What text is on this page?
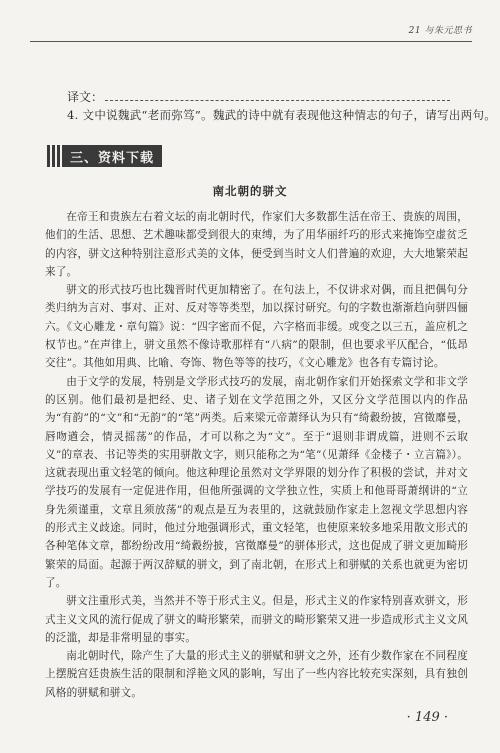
21 与朱元思书
译文：
4. 文中说魏武“老而弥笃”。魏武的诗中就有表现他这种情志的句子，请写出两句。
三、资料下载
南北朝的骈文

在帝王和贵族左右着文坛的南北朝时代，作家们大多数都生活在帝王、贵族的周围，他们的生活、思想、艺术趣味都受到很大的束缚，为了用华丽纤巧的形式来掩饰空虚贫乏的内容，骈文这种特别注意形式美的文体，便受到当时文人们普遍的欢迎，大大地繁荣起来了。

骈文的形式技巧也比魏晋时代更加精密了。在句法上，不仅讲求对偶，而且把偶句分类归纳为言对、事对、正对、反对等等类型，加以探讨研究。句的字数也渐渐趋向骈四俪六。《文心雕龙・章句篇》说：“四字密而不促，六字格而非缓。或变之以三五，盖应机之权节也。”在声律上，骈文虽然不像诗歌那样有“八病”的限制，但也要求平仄配合，“低昂交往”。其他如用典、比喻、夸饰、物色等等的技巧，《文心雕龙》也各有专篇讨论。

由于文学的发展，特别是文学形式技巧的发展，南北朝作家们开始探索文学和非文学的区别。他们最初是把经、史、诸子划在文学范围之外，又区分文学范围以内的作品为“有韵”的“文”和“无韵”的“笔”两类。后来梁元帝萧绎认为只有“绮縠纷披，宫徵靡曼，唇吻遒会，情灵摇荡”的作品，才可以称之为“文”。至于“退则非谓成篇，进则不云取义”的章表、书记等类的实用骈散文字，则只能称之为“笔”（见萧绎《金楼子・立言篇》）。这就表现出重文轻笔的倾向。他这种理论虽然对文学界限的划分作了积极的尝试，并对文学技巧的发展有一定促进作用，但他所强调的文学独立性，实质上和他哥哥萧纲讲的“立身先须谨重，文章且须放荡”的观点是互为表里的，这就鼓励作家走上忽视文学思想内容的形式主义歧途。同时，他过分地强调形式，重文轻笔，也使原来较多地采用散文形式的各种笔体文章，都纷纷改用“绮縠纷披，宫徵靡曼”的骈体形式，这也促成了骈文更加畸形繁荣的局面。起源于两汉辞赋的骈文，到了南北朝，在形式上和骈赋的关系也就更为密切了。

骈文注重形式美，当然并不等于形式主义。但是，形式主义的作家特别喜欢骈文，形式主义文风的流行促成了骈文的畸形繁荣，而骈文的畸形繁荣又进一步造成形式主义文风的泛滥，却是非常明显的事实。

南北朝时代，除产生了大量的形式主义的骈赋和骈文之外，还有少数作家在不同程度上摆脱宫廷贵族生活的限制和浮艳文风的影响，写出了一些内容比较充实深刻，具有独创风格的骈赋和骈文。

· 149 ·
